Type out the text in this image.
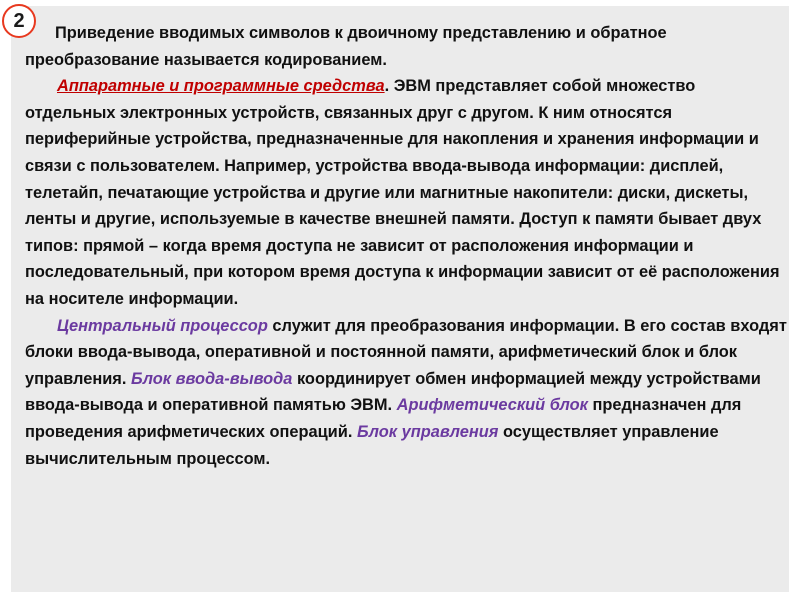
Приведение вводимых символов к двоичному представлению и обратное преобразование называется кодированием.

Аппаратные и программные средства. ЭВМ представляет собой множество отдельных электронных устройств, связанных друг с другом. К ним относятся периферийные устройства, предназначенные для накопления и хранения информации и связи с пользователем. Например, устройства ввода-вывода информации: дисплей, телетайп, печатающие устройства и другие или магнитные накопители: диски, дискеты, ленты и другие, используемые в качестве внешней памяти. Доступ к памяти бывает двух типов: прямой – когда время доступа не зависит от расположения информации и последовательный, при котором время доступа к информации зависит от её расположения на носителе информации.

Центральный процессор служит для преобразования информации. В его состав входят блоки ввода-вывода, оперативной и постоянной памяти, арифметический блок и блок управления. Блок ввода-вывода координирует обмен информацией между устройствами ввода-вывода и оперативной памятью ЭВМ. Арифметический блок предназначен для проведения арифметических операций. Блок управления осуществляет управление вычислительным процессом.

2
